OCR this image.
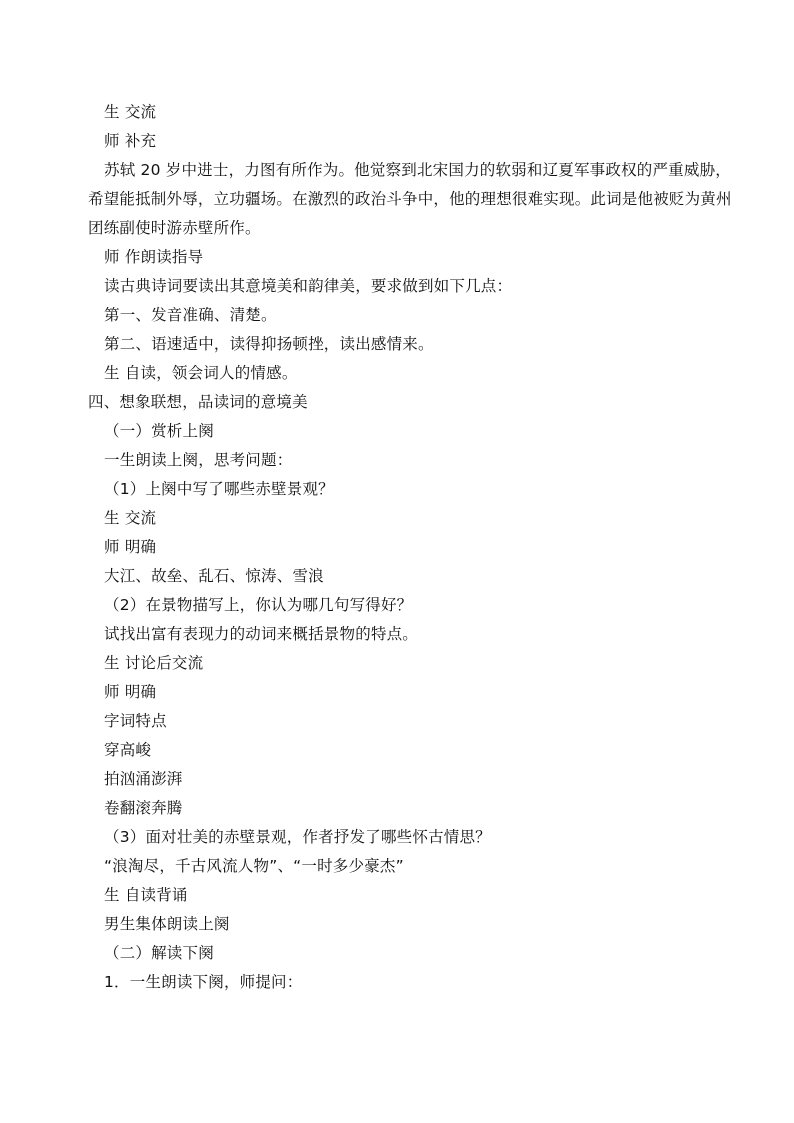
生 交流
师 补充
苏轼 20 岁中进士，力图有所作为。他觉察到北宋国力的软弱和辽夏军事政权的严重威胁，
希望能抵制外辱，立功疆场。在激烈的政治斗争中，他的理想很难实现。此词是他被贬为黄州
团练副使时游赤壁所作。
师 作朗读指导
读古典诗词要读出其意境美和韵律美，要求做到如下几点：
第一、发音准确、清楚。
第二、语速适中，读得抑扬顿挫，读出感情来。
生 自读，领会词人的情感。
四、想象联想，品读词的意境美
（一）赏析上阕
一生朗读上阕，思考问题：
（1）上阕中写了哪些赤壁景观？
生 交流
师 明确
大江、故垒、乱石、惊涛、雪浪
（2）在景物描写上，你认为哪几句写得好？
试找出富有表现力的动词来概括景物的特点。
生 讨论后交流
师 明确
字词特点
穿高峻
拍汹涌澎湃
卷翻滚奔腾
（3）面对壮美的赤壁景观，作者抒发了哪些怀古情思？
“浪淘尽，千古风流人物”、“一时多少豪杰”
生 自读背诵
男生集体朗读上阕
（二）解读下阕
1．一生朗读下阕，师提问：
